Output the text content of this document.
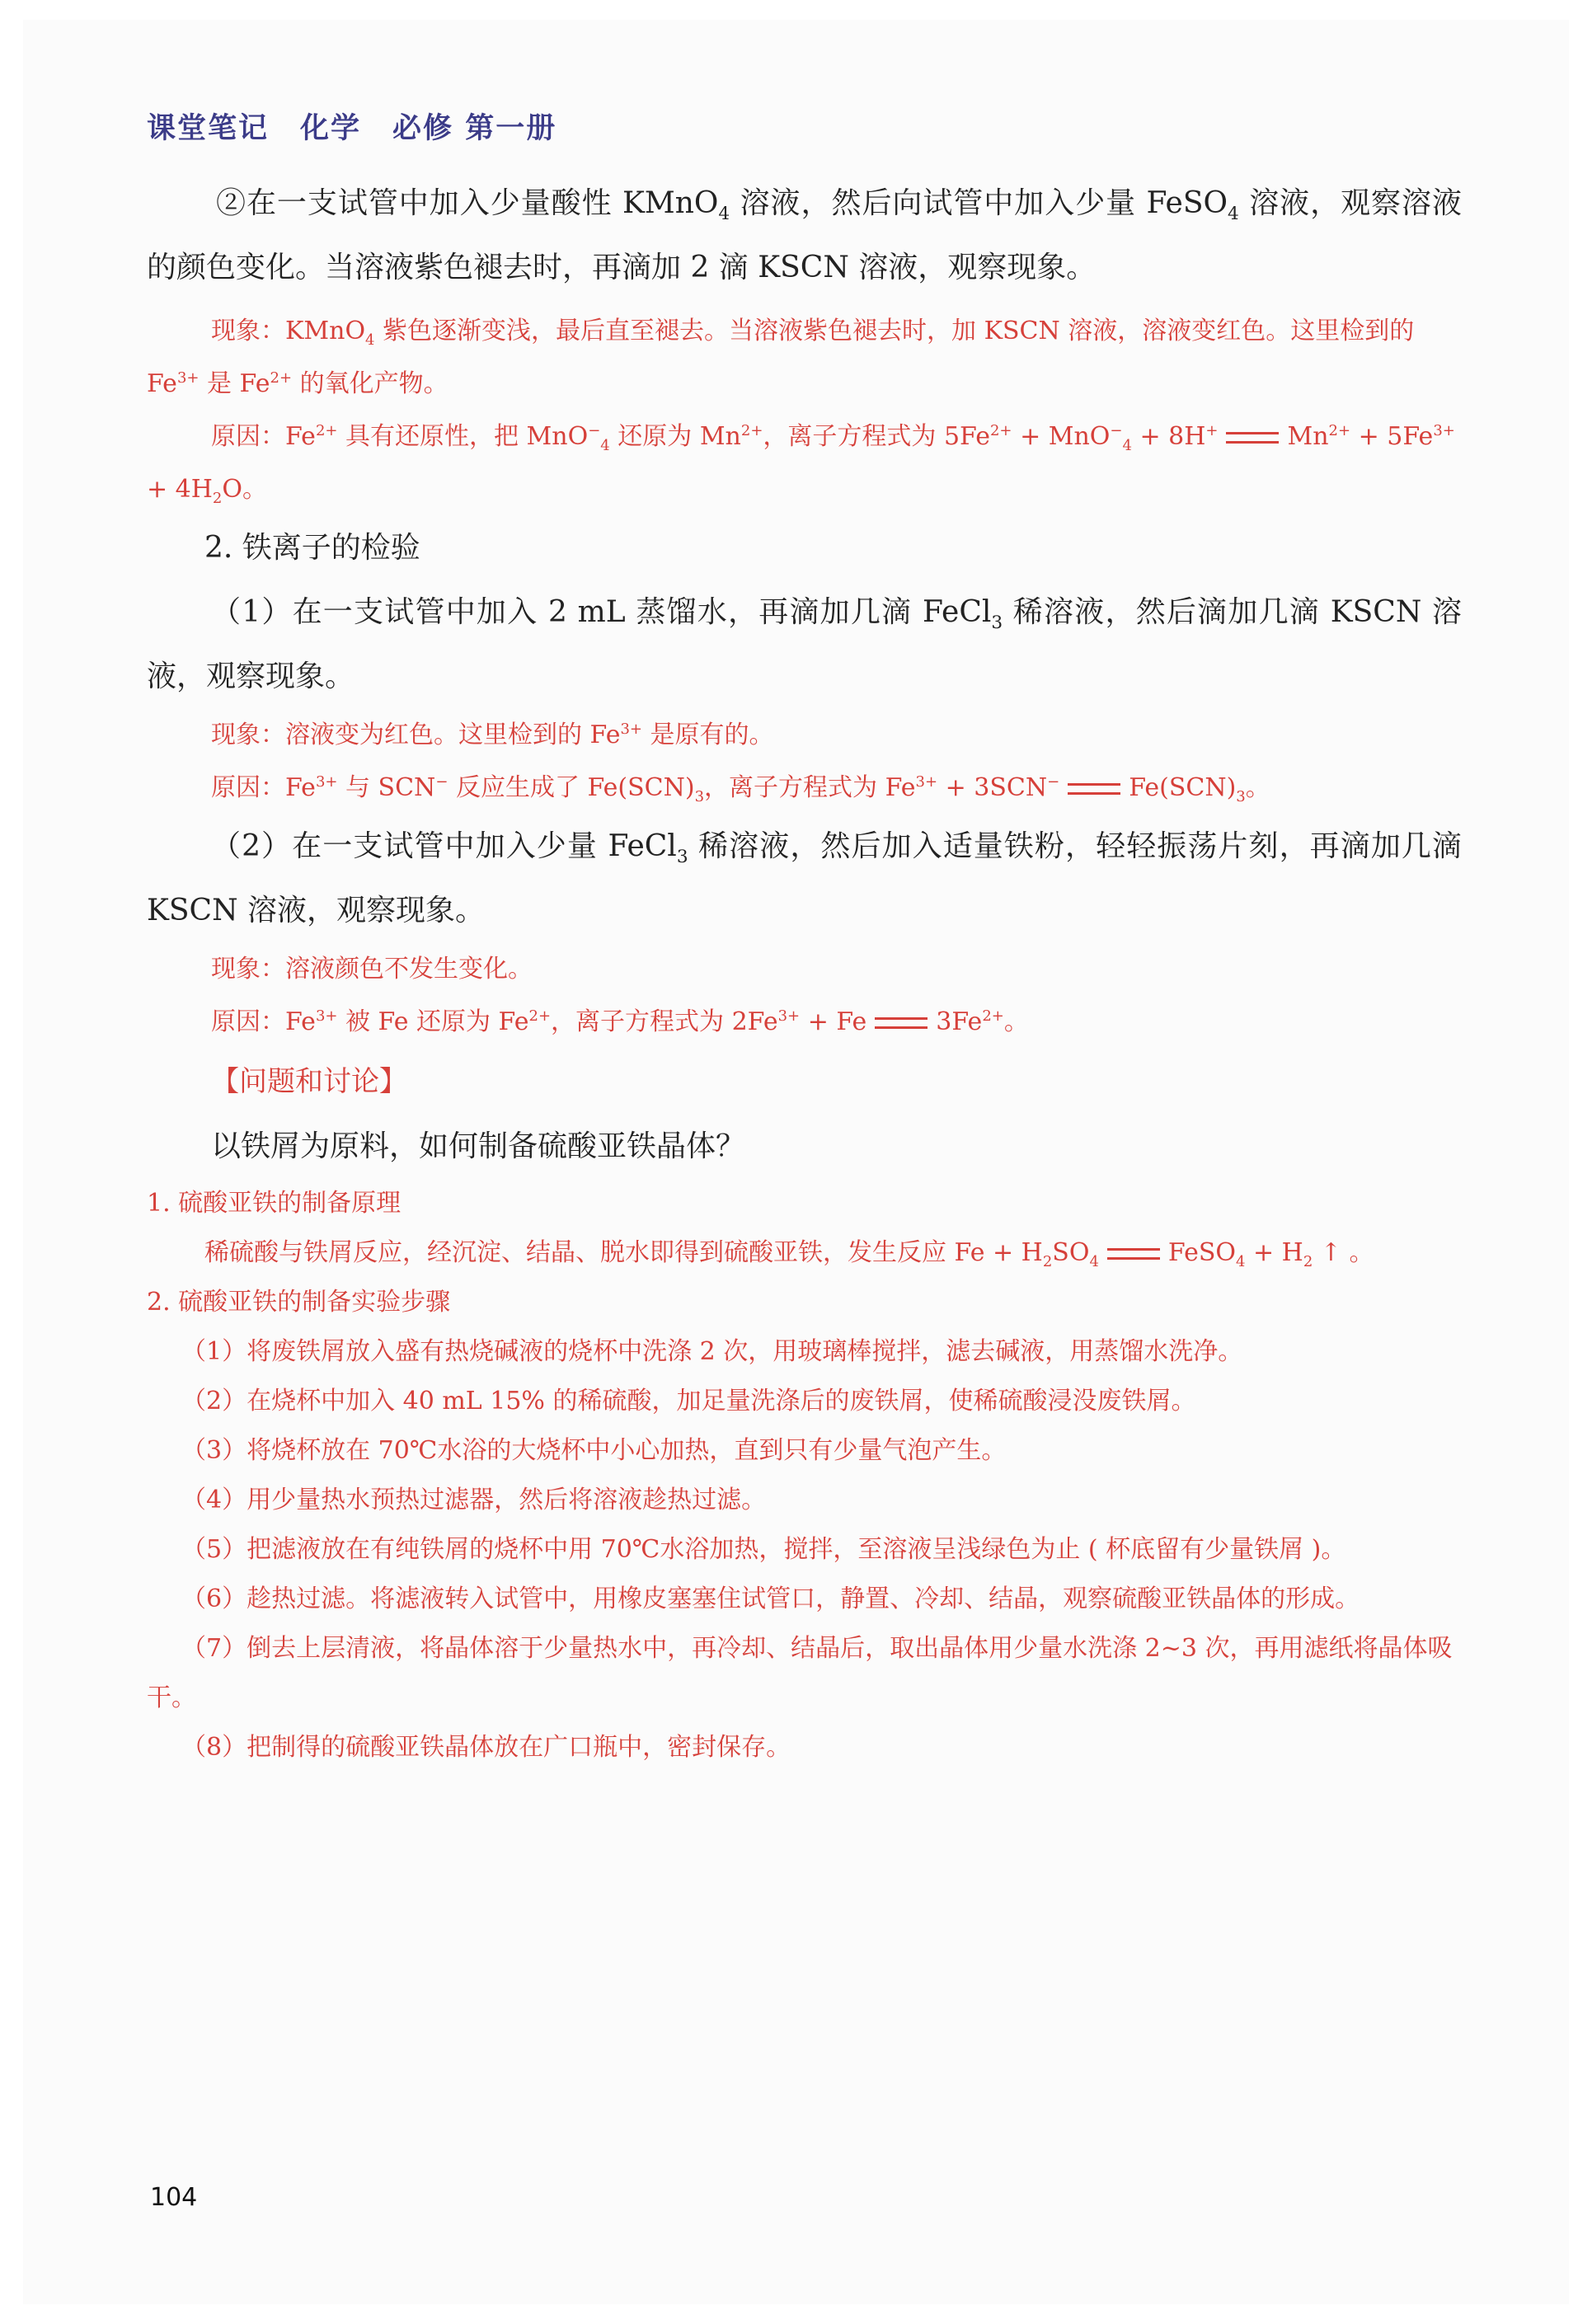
课堂笔记 化学 必修 第一册

②在一支试管中加入少量酸性 KMnO$_4$ 溶液，然后向试管中加入少量 FeSO$_4$ 溶液，观察溶液的颜色变化。当溶液紫色褪去时，再滴加 2 滴 KSCN 溶液，观察现象。

现象：KMnO$_4$ 紫色逐渐变浅，最后直至褪去。当溶液紫色褪去时，加 KSCN 溶液，溶液变红色。这里检到的 $Fe^{3+}$ 是 $Fe^{2+}$ 的氧化产物。

原因：$Fe^{2+}$ 具有还原性，把 MnO−$_4$ 还原为 $Mn^{2+}$，离子方程式为 $5Fe^{2+} + MnO^-_4 + 8H^+$	$Mn^{2+} + 5Fe^{3+} + 4H_2O$。

2. 铁离子的检验

（1）在一支试管中加入 2 mL 蒸馏水，再滴加几滴 FeCl$_3$ 稀溶液，然后滴加几滴 KSCN 溶液，观察现象。

现象：溶液变为红色。这里检到的 $Fe^{3+}$ 是原有的。

原因：$Fe^{3+}$ 与 SCN− 反应生成了 $Fe(SCN)_3$，离子方程式为 $Fe^{3+} + 3SCN^-$	$Fe(SCN)_3$。

（2）在一支试管中加入少量 FeCl$_3$ 稀溶液，然后加入适量铁粉，轻轻振荡片刻，再滴加几滴 KSCN 溶液，观察现象。

现象：溶液颜色不发生变化。

原因：$Fe^{3+}$ 被 Fe 还原为 $Fe^{2+}$，离子方程式为 $2Fe^{3+} + Fe$	$3Fe^{2+}$。

【问题和讨论】

以铁屑为原料，如何制备硫酸亚铁晶体？

1. 硫酸亚铁的制备原理

稀硫酸与铁屑反应，经沉淀、结晶、脱水即得到硫酸亚铁，发生反应 $Fe + H_2SO_4$	FeSO$_4$ + $H_2$ ↑ 。

2. 硫酸亚铁的制备实验步骤

（1）将废铁屑放入盛有热烧碱液的烧杯中洗涤 2 次，用玻璃棒搅拌，滤去碱液，用蒸馏水洗净。

（2）在烧杯中加入 40 mL 15% 的稀硫酸，加足量洗涤后的废铁屑，使稀硫酸浸没废铁屑。

（3）将烧杯放在 70℃水浴的大烧杯中小心加热，直到只有少量气泡产生。

（4）用少量热水预热过滤器，然后将溶液趁热过滤。

（5）把滤液放在有纯铁屑的烧杯中用 70℃水浴加热，搅拌，至溶液呈浅绿色为止 ( 杯底留有少量铁屑 )。

（6）趁热过滤。将滤液转入试管中，用橡皮塞塞住试管口，静置、冷却、结晶，观察硫酸亚铁晶体的形成。

（7）倒去上层清液，将晶体溶于少量热水中，再冷却、结晶后，取出晶体用少量水洗涤 2~3 次，再用滤纸将晶体吸干。

（8）把制得的硫酸亚铁晶体放在广口瓶中，密封保存。

104
